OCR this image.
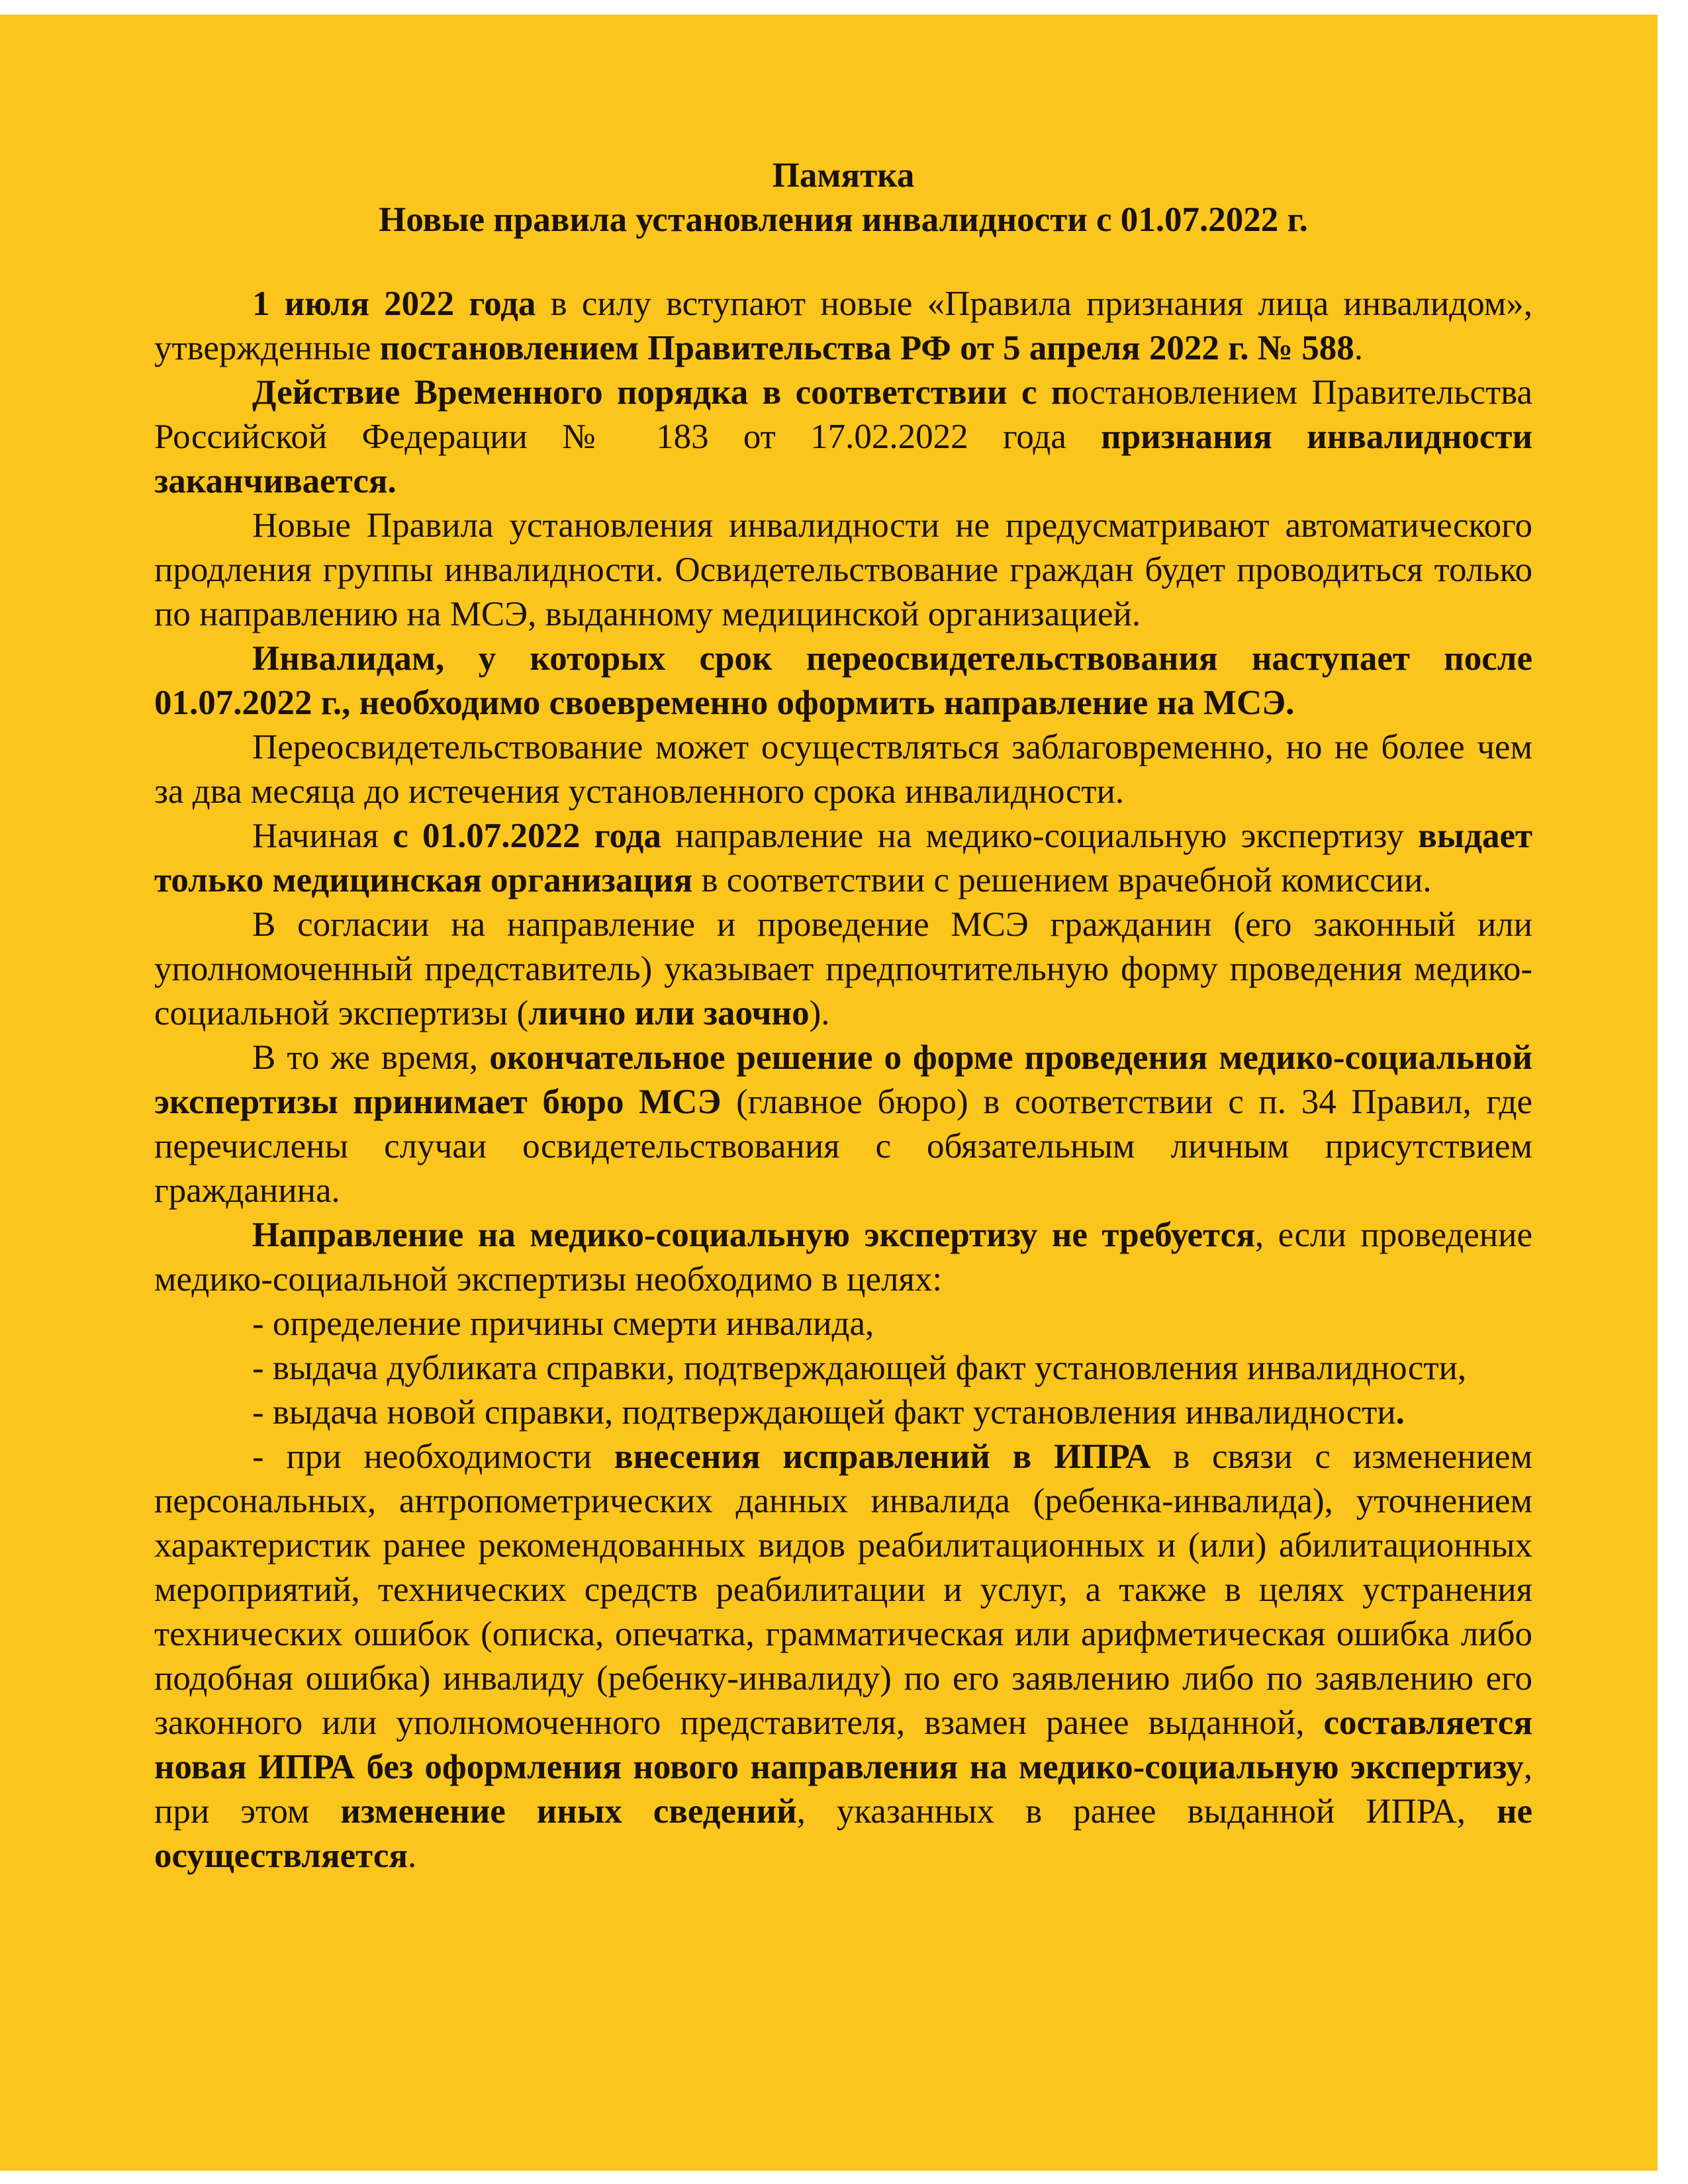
Памятка
Новые правила установления инвалидности с 01.07.2022 г.

1 июля 2022 года в силу вступают новые «Правила признания лица инвалидом», утвержденные постановлением Правительства РФ от 5 апреля 2022 г. № 588.

Действие Временного порядка в соответствии с постановлением Правительства Российской Федерации № 183 от 17.02.2022 года признания инвалидности заканчивается.

Новые Правила установления инвалидности не предусматривают автоматического продления группы инвалидности. Освидетельствование граждан будет проводиться только по направлению на МСЭ, выданному медицинской организацией.

Инвалидам, у которых срок переосвидетельствования наступает после 01.07.2022 г., необходимо своевременно оформить направление на МСЭ.

Переосвидетельствование может осуществляться заблаговременно, но не более чем за два месяца до истечения установленного срока инвалидности.

Начиная с 01.07.2022 года направление на медико-социальную экспертизу выдает только медицинская организация в соответствии с решением врачебной комиссии.

В согласии на направление и проведение МСЭ гражданин (его законный или уполномоченный представитель) указывает предпочтительную форму проведения медико-социальной экспертизы (лично или заочно).

В то же время, окончательное решение о форме проведения медико-социальной экспертизы принимает бюро МСЭ (главное бюро) в соответствии с п. 34 Правил, где перечислены случаи освидетельствования с обязательным личным присутствием гражданина.

Направление на медико-социальную экспертизу не требуется, если проведение медико-социальной экспертизы необходимо в целях:

- определение причины смерти инвалида,

- выдача дубликата справки, подтверждающей факт установления инвалидности,

- выдача новой справки, подтверждающей факт установления инвалидности.

- при необходимости внесения исправлений в ИПРА в связи с изменением персональных, антропометрических данных инвалида (ребенка-инвалида), уточнением характеристик ранее рекомендованных видов реабилитационных и (или) абилитационных мероприятий, технических средств реабилитации и услуг, а также в целях устранения технических ошибок (описка, опечатка, грамматическая или арифметическая ошибка либо подобная ошибка) инвалиду (ребенку-инвалиду) по его заявлению либо по заявлению его законного или уполномоченного представителя, взамен ранее выданной, составляется новая ИПРА без оформления нового направления на медико-социальную экспертизу, при этом изменение иных сведений, указанных в ранее выданной ИПРА, не осуществляется.
